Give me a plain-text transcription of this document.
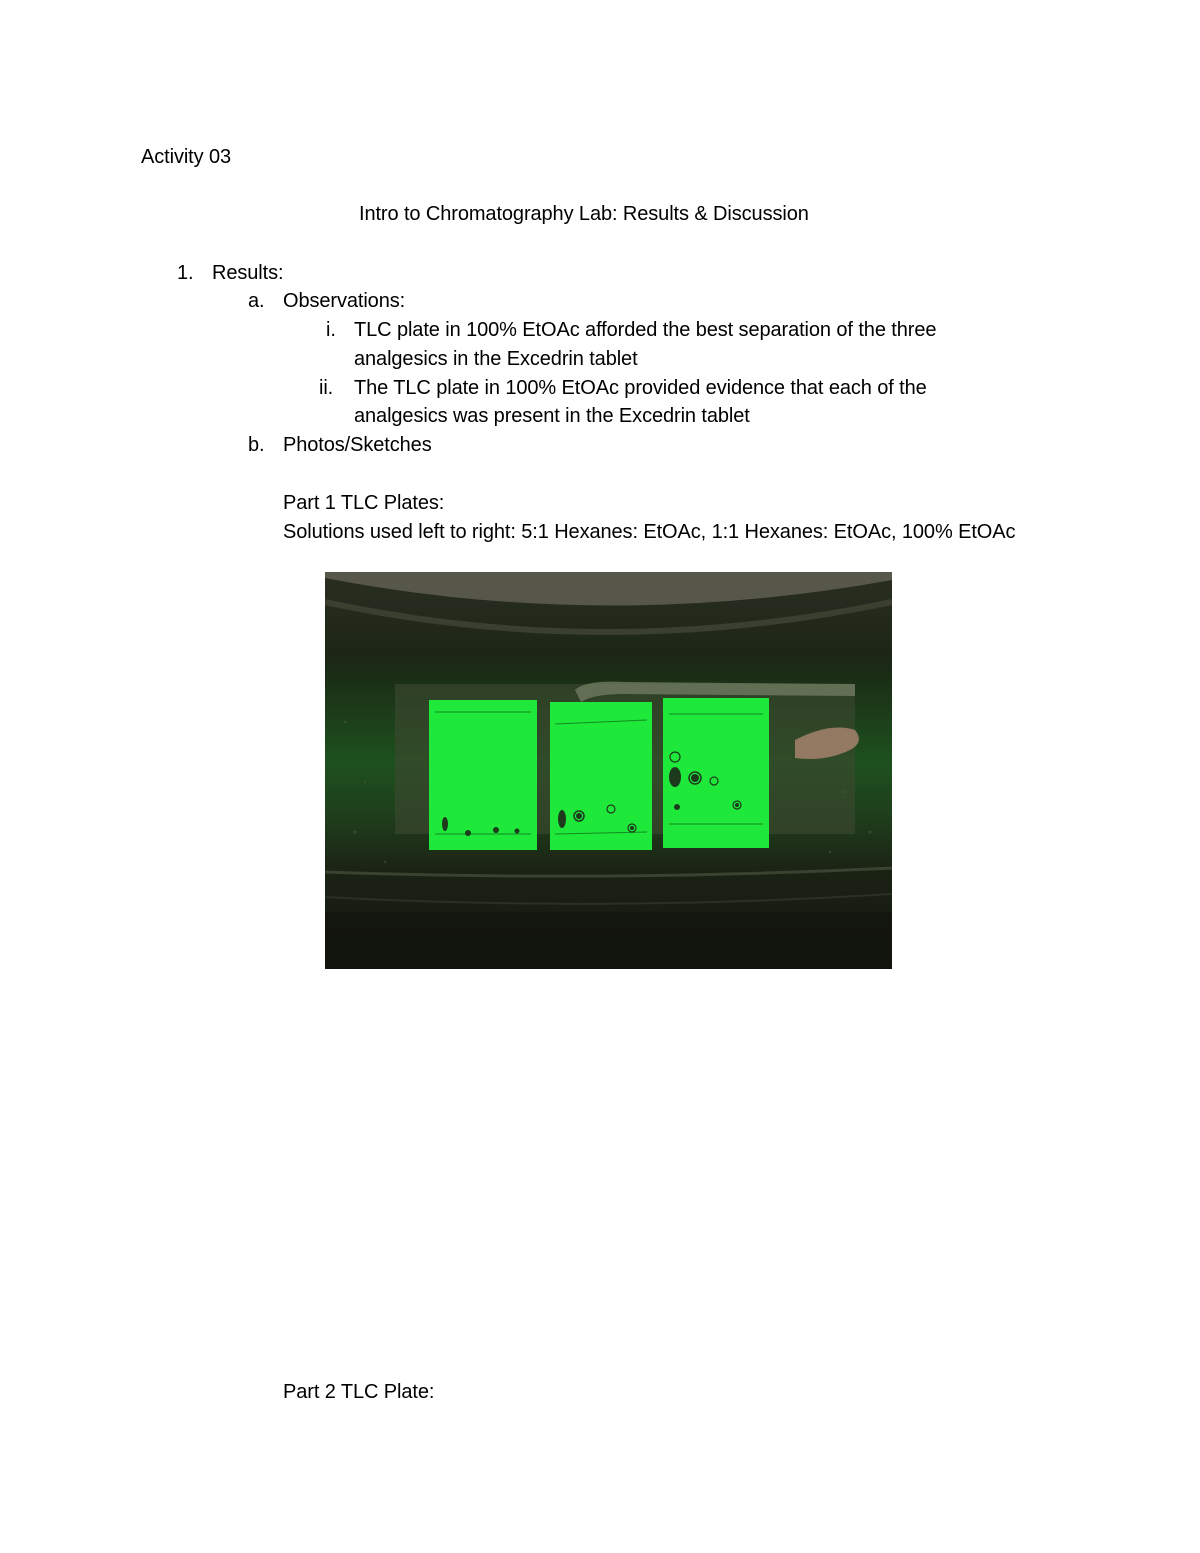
Activity 03
Intro to Chromatography Lab: Results & Discussion
1. Results:
a. Observations:
i. TLC plate in 100% EtOAc afforded the best separation of the three
analgesics in the Excedrin tablet
ii. The TLC plate in 100% EtOAc provided evidence that each of the
analgesics was present in the Excedrin tablet
b. Photos/Sketches
Part 1 TLC Plates:
Solutions used left to right: 5:1 Hexanes: EtOAc, 1:1 Hexanes: EtOAc, 100% EtOAc
Part 2 TLC Plate:
